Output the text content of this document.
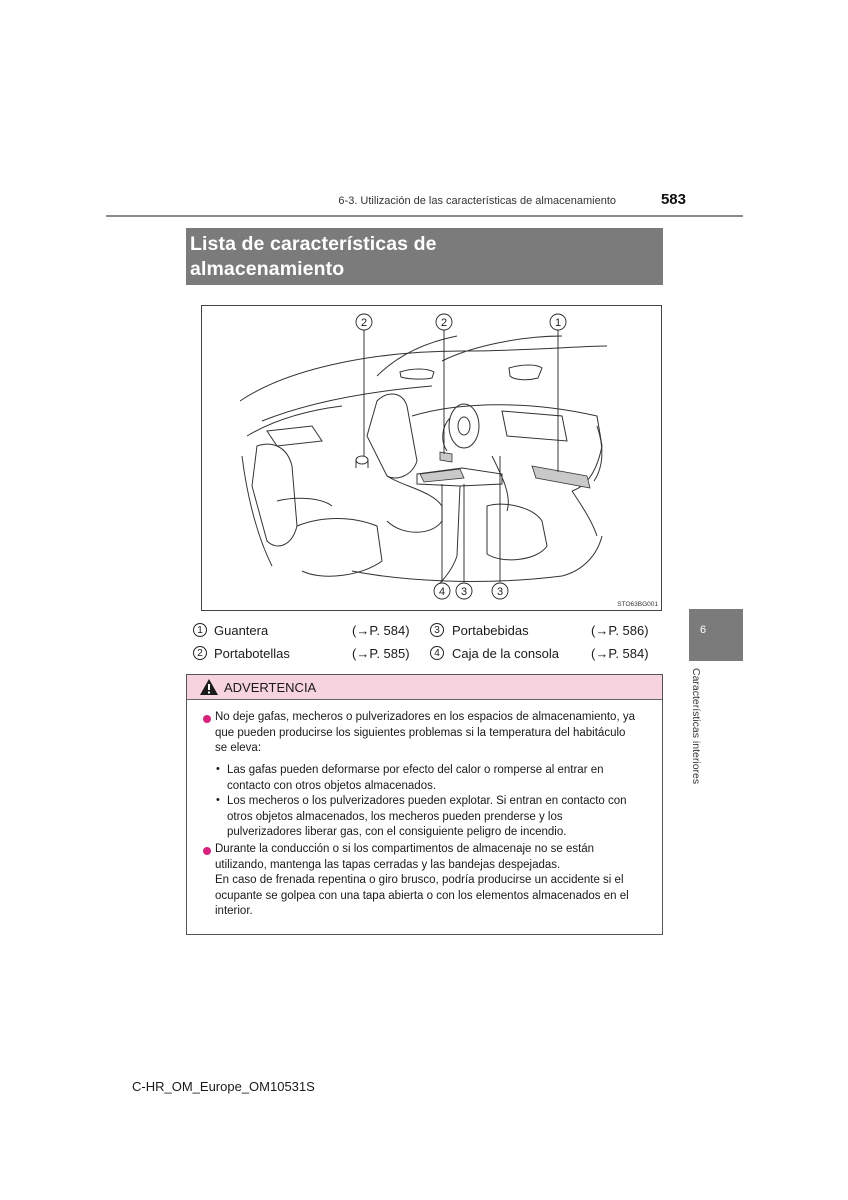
6-3. Utilización de las características de almacenamiento	583
Lista de características de
almacenamiento
2	2	1
4 3	3
STO63BG001
1 Guantera	(→P. 584)	3 Portabebidas	(→P. 586)
2 Portabotellas	(→P. 585)	4 Caja de la consola (→P. 584)
ADVERTENCIA
No deje gafas, mecheros o pulverizadores en los espacios de almacenamiento, ya
que pueden producirse los siguientes problemas si la temperatura del habitáculo
se eleva:
• Las gafas pueden deformarse por efecto del calor o romperse al entrar en
contacto con otros objetos almacenados.
• Los mecheros o los pulverizadores pueden explotar. Si entran en contacto con
otros objetos almacenados, los mecheros pueden prenderse y los
pulverizadores liberar gas, con el consiguiente peligro de incendio.
Durante la conducción o si los compartimentos de almacenaje no se están
utilizando, mantenga las tapas cerradas y las bandejas despejadas.
En caso de frenada repentina o giro brusco, podría producirse un accidente si el
ocupante se golpea con una tapa abierta o con los elementos almacenados en el
interior.
6
Características interiores
C-HR_OM_Europe_OM10531S
